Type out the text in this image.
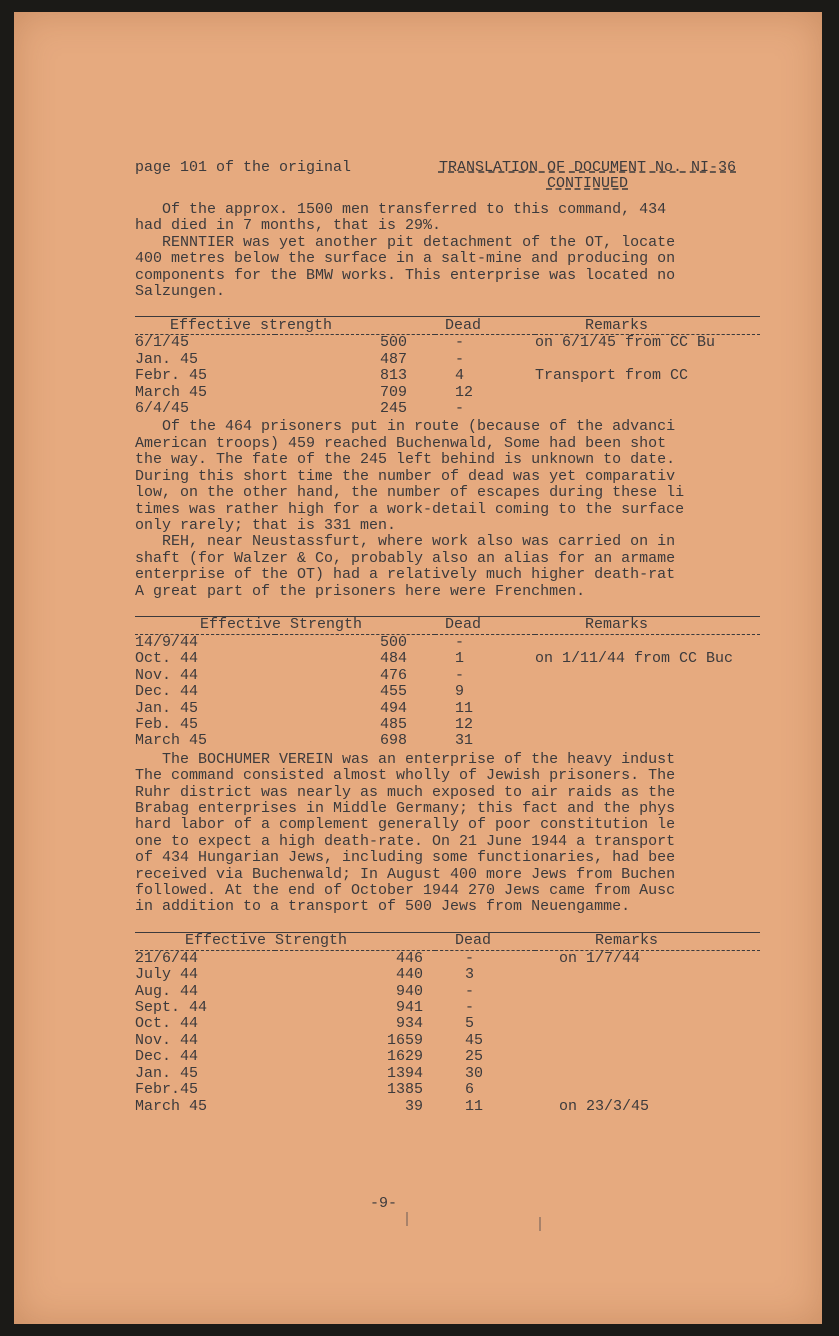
page 101 of the original	TRANSLATION OF DOCUMENT No. NI-36
CONTINUED

Of the approx. 1500 men transferred to this command, 434
had died in 7 months, that is 29%.
RENNTIER was yet another pit detachment of the OT, locate
400 metres below the surface in a salt-mine and producing on
components for the BMW works. This enterprise was located no
Salzungen.

Effective strength		Dead	Remarks
6/1/45	500	-	on 6/1/45 from CC Bu
Jan. 45	487	-	
Febr. 45	813	4	Transport from CC
March 45	709	12	
6/4/45	245	-	

Of the 464 prisoners put in route (because of the advanci
American troops) 459 reached Buchenwald, Some had been shot
the way. The fate of the 245 left behind is unknown to date.
During this short time the number of dead was yet comparativ
low, on the other hand, the number of escapes during these li
times was rather high for a work-detail coming to the surface
only rarely; that is 331 men.
REH, near Neustassfurt, where work also was carried on in
shaft (for Walzer & Co, probably also an alias for an armame
enterprise of the OT) had a relatively much higher death-rat
A great part of the prisoners here were Frenchmen.

Effective Strength		Dead	Remarks
14/9/44	500	-	
Oct. 44	484	1	on 1/11/44 from CC Buc
Nov. 44	476	-	
Dec. 44	455	9	
Jan. 45	494	11	
Feb. 45	485	12	
March 45	698	31	

The BOCHUMER VEREIN was an enterprise of the heavy indust
The command consisted almost wholly of Jewish prisoners. The
Ruhr district was nearly as much exposed to air raids as the
Brabag enterprises in Middle Germany; this fact and the phys
hard labor of a complement generally of poor constitution le
one to expect a high death-rate. On 21 June 1944 a transport
of 434 Hungarian Jews, including some functionaries, had bee
received via Buchenwald; In August 400 more Jews from Buchen
followed. At the end of October 1944 270 Jews came from Ausc
in addition to a transport of 500 Jews from Neuengamme.

Effective Strength		Dead	Remarks
21/6/44	446	-	on 1/7/44
July 44	440	3	
Aug. 44	940	-	
Sept. 44	941	-	
Oct. 44	934	5	
Nov. 44	1659	45	
Dec. 44	1629	25	
Jan. 45	1394	30	
Febr.45	1385	6	
March 45	39	11	on 23/3/45
-9-
